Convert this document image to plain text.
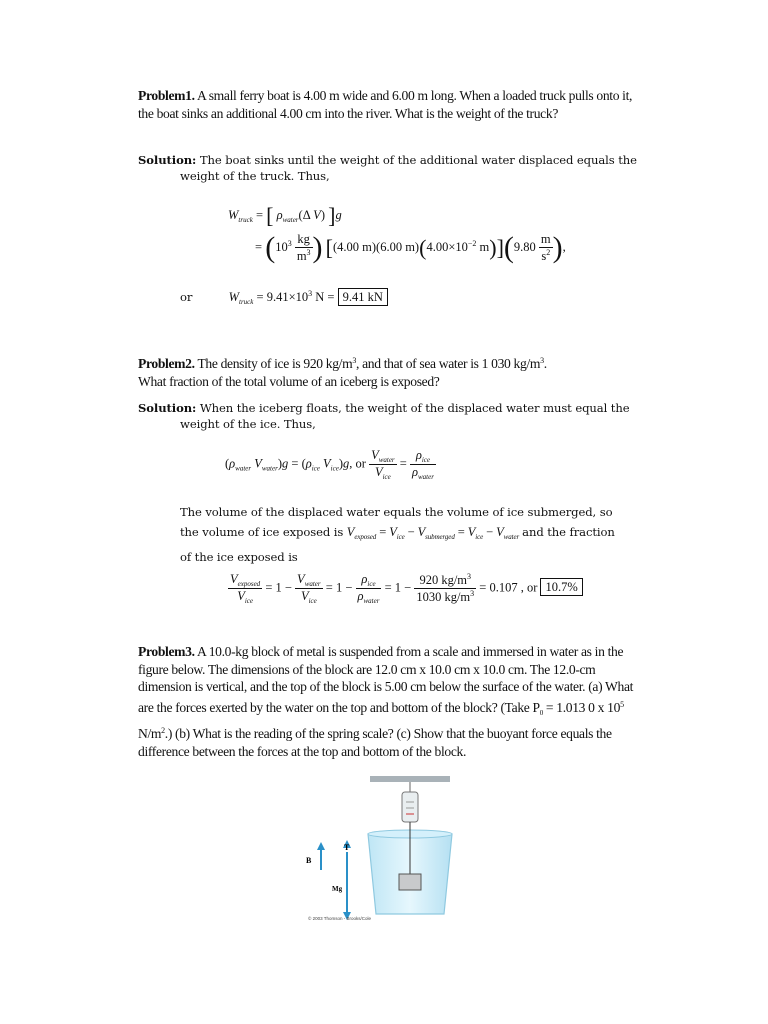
Problem1. A small ferry boat is 4.00 m wide and 6.00 m long. When a loaded truck pulls onto it, the boat sinks an additional 4.00 cm into the river. What is the weight of the truck?
Solution: The boat sinks until the weight of the additional water displaced equals the
weight of the truck. Thus,
$W_{truck}$ = [ $\rho_{water}(\Delta$ V) ]g
= ($10^3 \frac{kg}{m^3}$ ) [(4.00 m)(6.00 $m)(4.00\times 10^{-2}$ $m)](9.80 \frac{m}{s^2}$ ),
or	$W_{truck} = 9.41\times 10^3$ N = 9.41 kN
Problem2. The density of ice is 920 $kg/m^3$, and that of sea water is 1 030 $kg/m^3$.
What fraction of the total volume of an iceberg is exposed?
Solution: When the iceberg floats, the weight of the displaced water must equal the
weight of the ice. Thus,
($\rho_{water}$ $V_{water})g = (\rho_{ice}$ $V_{ice})g$, or $\frac{V_{water}}{V_{ice}} = \frac{\rho_{ice}}{\rho_{water}}$
The volume of the displaced water equals the volume of ice submerged, so
the volume of ice exposed is $V_{exposed} = V_{ice} - V_{submerged} = V_{ice} - V_{water}$ and the fraction
of the ice exposed is
$\frac{V_{exposed}}{V_{ice}} = 1 - \frac{V_{water}}{V_{ice}} = 1 - \frac{\rho_{ice}}{\rho_{water}} = 1 - \frac{920 kg/m^3}{1030 kg/m^3} = 0.107$ , or 10.7%
Problem3. A 10.0-kg block of metal is suspended from a scale and immersed in water as in the figure below. The dimensions of the block are 12.0 cm x 10.0 cm x 10.0 cm. The 12.0-cm dimension is vertical, and the top of the block is 5.00 cm below the surface of the water. (a) What are the forces exerted by the water on the top and bottom of the block? (Take $P_0 = 1.013$ 0 x $10^5$ $N/m^2$.) (b) What is the reading of the spring scale? (c) Show that the buoyant force equals the difference between the forces at the top and bottom of the block.
B
T
Mg
© 2003 Thomson - Brooks/Cole
